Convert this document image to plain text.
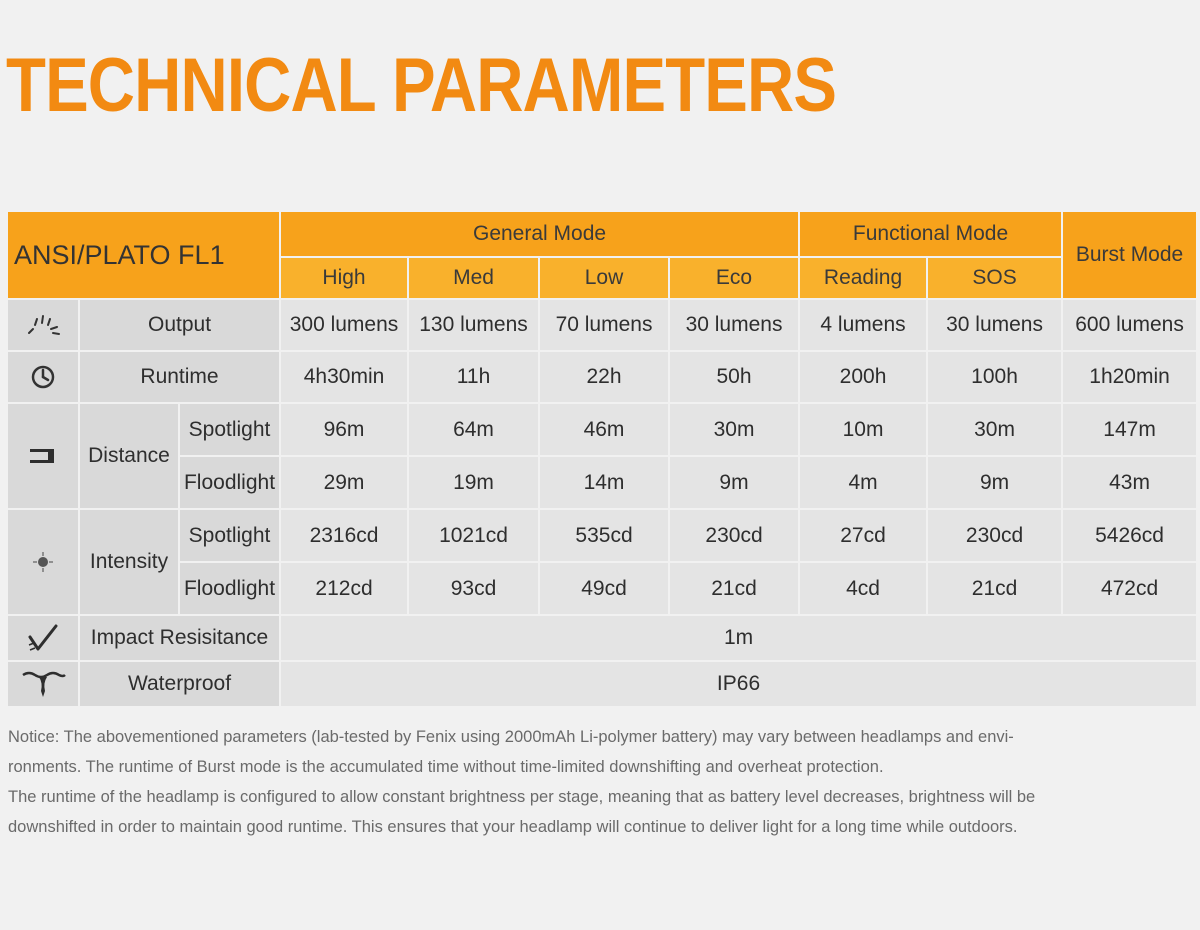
TECHNICAL PARAMETERS
ANSI/PLATO FL1			General Mode				Functional Mode		Burst Mode
			High	Med	Low	Eco	Reading	SOS	
	Output		300 lumens	130 lumens	70 lumens	30 lumens	4 lumens	30 lumens	600 lumens
	Runtime		4h30min	11h	22h	50h	200h	100h	1h20min
	Distance	Spotlight	96m	64m	46m	30m	10m	30m	147m
		Floodlight	29m	19m	14m	9m	4m	9m	43m
	Intensity	Spotlight	2316cd	1021cd	535cd	230cd	27cd	230cd	5426cd
		Floodlight	212cd	93cd	49cd	21cd	4cd	21cd	472cd
	Impact Resisitance		1m						
	Waterproof		IP66						

Notice: The abovementioned parameters (lab-tested by Fenix using 2000mAh Li-polymer battery) may vary between headlamps and envi-

ronments. The runtime of Burst mode is the accumulated time without time-limited downshifting and overheat protection.

The runtime of the headlamp is configured to allow constant brightness per stage, meaning that as battery level decreases, brightness will be

downshifted in order to maintain good runtime. This ensures that your headlamp will continue to deliver light for a long time while outdoors.
